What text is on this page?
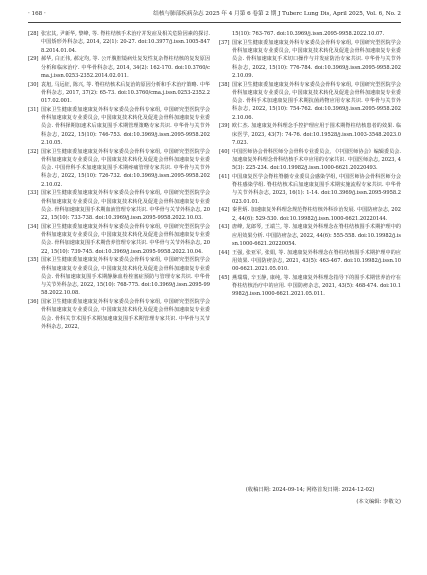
· 168 ·	结核与肺部疾病杂志 2025 年 4 月第 6 卷第 2 期 J Tuberc Lung Dis, April 2025, Vol. 6, No. 2
[28] 张宏其, 尹新华, 黎峰, 等. 脊柱结核手术治疗并发症及相关危险因素的探讨. 中国矫形外科杂志, 2014, 22(1): 20-27. doi:10.3977/j.issn.1005-8478.2014.01.04.
[29] 郝华, 白正伟, 郝定均, 等. 公开腹腔镜病灶复发性复杂脊柱结核的复发原因分析和临床治疗. 中华骨科杂志, 2014, 34(2): 162-170. doi:10.3760/cma.j.issn.0253-2352.2014.02.011.
[30] 袁旭, 马远征, 陈兴, 等. 脊柱结核术后复治的原因分析和手术治疗策略. 中华骨科杂志, 2017, 37(2): 65-73. doi:10.3760/cma.j.issn.0253-2352.2017.02.001.
[31] 国家卫生健康委加速康复外科专家委员会骨科专家组, 中国研究型医院学会骨科加速康复专业委员会, 中国康复技术转化及促进会骨科加速康复专业委员会. 骨科择期加速术后康复围手术期管理策略专家共识. 中华骨与关节外科杂志, 2022, 15(10): 746-753. doi:10.3969/j.issn.2095-9958.2022.10.05.
[32] 国家卫生健康委加速康复外科专家委员会骨科专家组, 中国研究型医院学会骨科加速康复专业委员会, 中国康复技术转化及促进会骨科加速康复专业委员会. 中国骨科手术加速康复围手术期疼痛管理专家共识. 中华骨与关节外科杂志, 2022, 15(10): 726-732. doi:10.3969/j.issn.2095-9958.2022.10.02.
[33] 国家卫生健康委加速康复外科专家委员会骨科专家组, 中国研究型医院学会骨科加速康复专业委员会, 中国康复技术转化及促进会骨科加速康复专业委员会. 骨科加速康复围手术期血液管理专家共识. 中华骨与关节外科杂志, 2022, 15(10): 733-738. doi:10.3969/j.issn.2095-9958.2022.10.03.
[34] 国家卫生健康委加速康复外科专家委员会骨科专家组, 中国研究型医院学会骨科加速康复专业委员会, 中国康复技术转化及促进会骨科加速康复专业委员会. 骨科加速康复围手术期营养管理专家共识. 中华骨与关节外科杂志, 2022, 15(10): 739-745. doi:10.3969/j.issn.2095-9958.2022.10.04.
[35] 国家卫生健康委加速康复外科专家委员会骨科专家组, 中国研究型医院学会骨科加速康复专业委员会, 中国康复技术转化及促进会骨科加速康复专业委员会. 骨科加速康复围手术期静脉血栓栓塞症预防与管理专家共识. 中华骨与关节外科杂志, 2022, 15(10): 768-775. doi:10.3969/j.issn.2095-9958.2022.10.08.
[36] 国家卫生健康委加速康复外科专家委员会骨科专家组, 中国研究型医院学会骨科加速康复专业委员会, 中国康复技术转化及促进会骨科加速康复专业委员会. 骨科关节术围手术期加速康复围手术期管理专家共识. 中华骨与关节外科杂志, 2022,
15(10): 763-767. doi:10.3969/j.issn.2095-9958.2022.10.07.
[37] 国家卫生健康委加速康复外科专家委员会骨科专家组, 中国研究型医院学会骨科加速康复专业委员会, 中国康复技术转化及促进会骨科加速康复专业委员会. 骨科加速康复手术切口操作与并发症防治专家共识. 中华骨与关节外科杂志, 2022, 15(10): 776-784. doi:10.3969/j.issn.2095-9958.2022.10.09.
[38] 国家卫生健康委加速康复外科专家委员会骨科专家组, 中国研究型医院学会骨科加速康复专业委员会, 中国康复技术转化及促进会骨科加速康复专业委员会. 骨科手术加速康复围手术期抗菌药物应用专家共识. 中华骨与关节外科杂志, 2022, 15(10): 754-762. doi:10.3969/j.issn.2095-9958.2022.10.06.
[39] 欧仁杰. 加速康复外科理念手控护理应用于围术期脊柱结核患者的效果. 临床医学, 2023, 43(7): 74-76. doi:10.19528/j.issn.1003-3548.2023.07.023.
[40] 中国医师协会骨科医师分会骨科专业委员会, 《中国医师协会》编辑委员会. 加速康复外科理念骨科结核手术中应用的专家共识. 中国医师杂志, 2023, 45(3): 225-234. doi:10.19982/j.issn.1000-6621.20220493.
[41] 中国康复医学会脊柱脊髓专业委员会感染学组, 中国医师协会骨科医师分会脊柱感染学组. 脊柱结核术后加速康复围手术期实施流程专家共识. 中华骨与关节外科杂志, 2023, 16(1): 1-14. doi:10.3969/j.issn.2095-9958.2023.01.01.
[42] 秦世炳. 加速康复外科理念规范脊柱结核外科诊治发展. 中国防痨杂志, 2022, 44(6): 529-530. doi:10.19982/j.issn.1000-6621.20220144.
[43] 唐峰, 龙郎琴, 王端兰, 等. 加速康复外科理念在脊柱结核围手术期护理中的应用效果分析. 中国防痨杂志, 2022, 44(6): 555-558. doi:10.19982/j.issn.1000-6621.20220054.
[44] 王强, 张亚军, 张娟, 等. 加速康复外科理念在脊柱结核围手术期护理中的应用效果. 中国防痨杂志, 2021, 43(5): 463-467. doi:10.19982/j.issn.1000-6621.2021.05.010.
[45] 燕瑞瑞, 辛玉静, 康纯, 等. 加速康复外科理念指导下的围手术期营养治疗在脊柱结核治疗中的应用. 中国防痨杂志, 2021, 43(5): 468-474. doi:10.19982/j.issn.1000-6621.2021.05.011.
(收稿日期: 2024-09-14; 网络首发日期: 2024-12-02)
(本文编辑: 李敬文)
